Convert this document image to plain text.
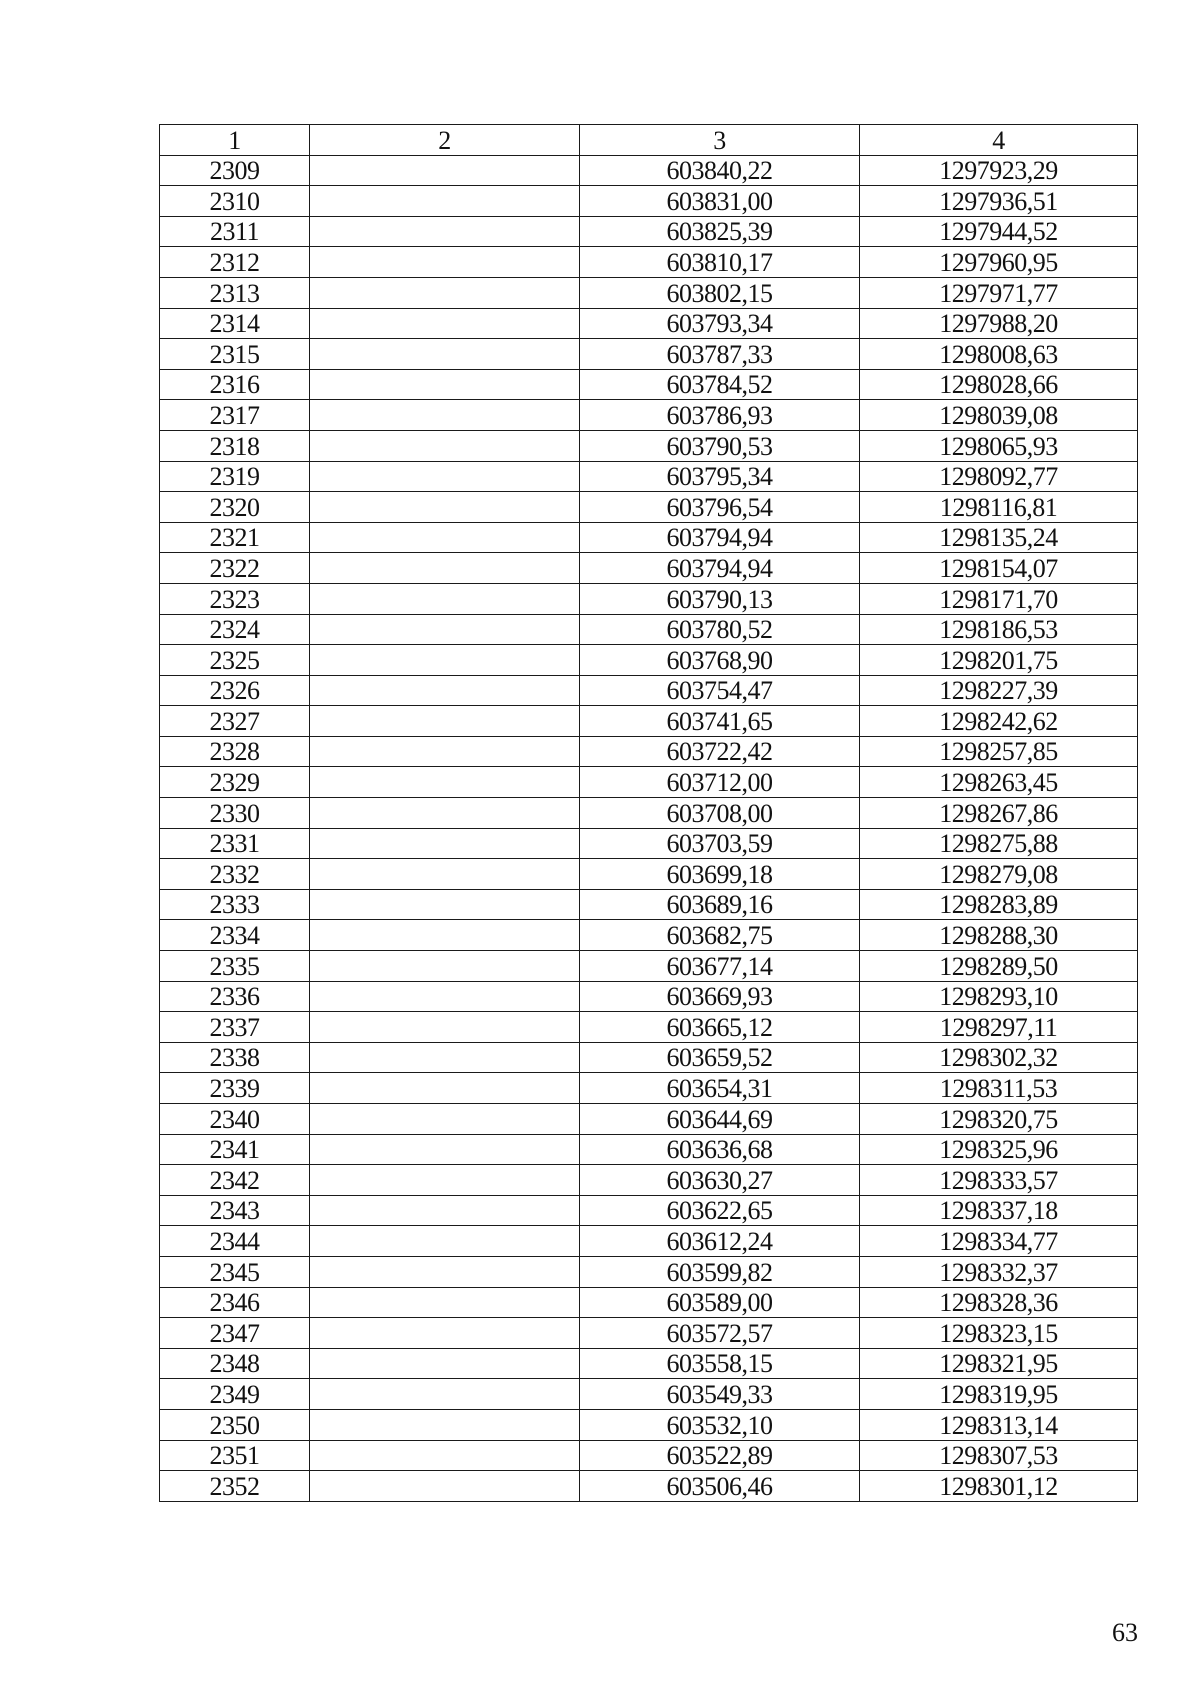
1	2	3	4
2309		603840,22	1297923,29
2310		603831,00	1297936,51
2311		603825,39	1297944,52
2312		603810,17	1297960,95
2313		603802,15	1297971,77
2314		603793,34	1297988,20
2315		603787,33	1298008,63
2316		603784,52	1298028,66
2317		603786,93	1298039,08
2318		603790,53	1298065,93
2319		603795,34	1298092,77
2320		603796,54	1298116,81
2321		603794,94	1298135,24
2322		603794,94	1298154,07
2323		603790,13	1298171,70
2324		603780,52	1298186,53
2325		603768,90	1298201,75
2326		603754,47	1298227,39
2327		603741,65	1298242,62
2328		603722,42	1298257,85
2329		603712,00	1298263,45
2330		603708,00	1298267,86
2331		603703,59	1298275,88
2332		603699,18	1298279,08
2333		603689,16	1298283,89
2334		603682,75	1298288,30
2335		603677,14	1298289,50
2336		603669,93	1298293,10
2337		603665,12	1298297,11
2338		603659,52	1298302,32
2339		603654,31	1298311,53
2340		603644,69	1298320,75
2341		603636,68	1298325,96
2342		603630,27	1298333,57
2343		603622,65	1298337,18
2344		603612,24	1298334,77
2345		603599,82	1298332,37
2346		603589,00	1298328,36
2347		603572,57	1298323,15
2348		603558,15	1298321,95
2349		603549,33	1298319,95
2350		603532,10	1298313,14
2351		603522,89	1298307,53
2352		603506,46	1298301,12
63
